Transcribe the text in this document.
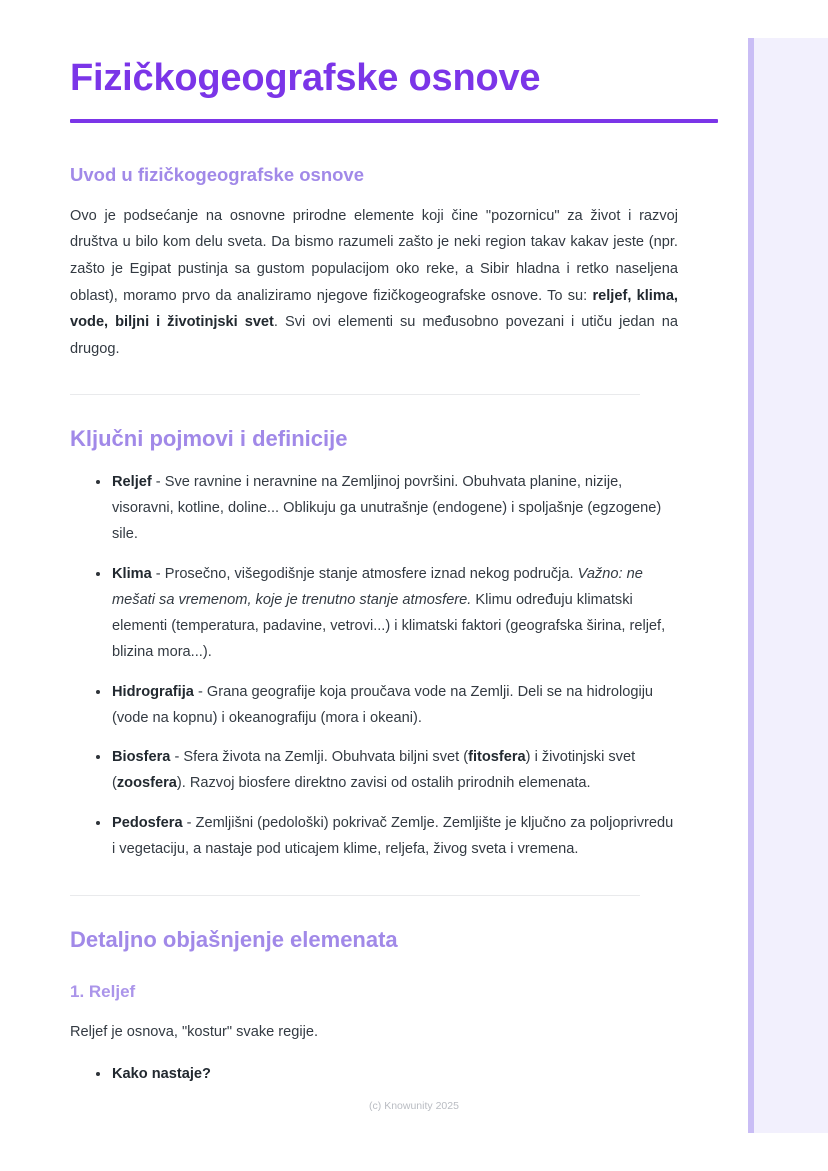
Fizičkogeografske osnove
Uvod u fizičkogeografske osnove

Ovo je podsećanje na osnovne prirodne elemente koji čine "pozornicu" za život i razvoj društva u bilo kom delu sveta. Da bismo razumeli zašto je neki region takav kakav jeste (npr. zašto je Egipat pustinja sa gustom populacijom oko reke, a Sibir hladna i retko naseljena oblast), moramo prvo da analiziramo njegove fizičkogeografske osnove. To su: reljef, klima, vode, biljni i životinjski svet. Svi ovi elementi su međusobno povezani i utiču jedan na drugog.

Ključni pojmovi i definicije
Reljef - Sve ravnine i neravnine na Zemljinoj površini. Obuhvata planine, nizije, visoravni, kotline, doline... Oblikuju ga unutrašnje (endogene) i spoljašnje (egzogene) sile.
Klima - Prosečno, višegodišnje stanje atmosfere iznad nekog područja. Važno: ne mešati sa vremenom, koje je trenutno stanje atmosfere. Klimu određuju klimatski elementi (temperatura, padavine, vetrovi...) i klimatski faktori (geografska širina, reljef, blizina mora...).
Hidrografija - Grana geografije koja proučava vode na Zemlji. Deli se na hidrologiju (vode na kopnu) i okeanografiju (mora i okeani).
Biosfera - Sfera života na Zemlji. Obuhvata biljni svet (fitosfera) i životinjski svet (zoosfera). Razvoj biosfere direktno zavisi od ostalih prirodnih elemenata.
Pedosfera - Zemljišni (pedološki) pokrivač Zemlje. Zemljište je ključno za poljoprivredu i vegetaciju, a nastaje pod uticajem klime, reljefa, živog sveta i vremena.
Detaljno objašnjenje elemenata
1. Reljef

Reljef je osnova, "kostur" svake regije.

Kako nastaje?
(c) Knowunity 2025
